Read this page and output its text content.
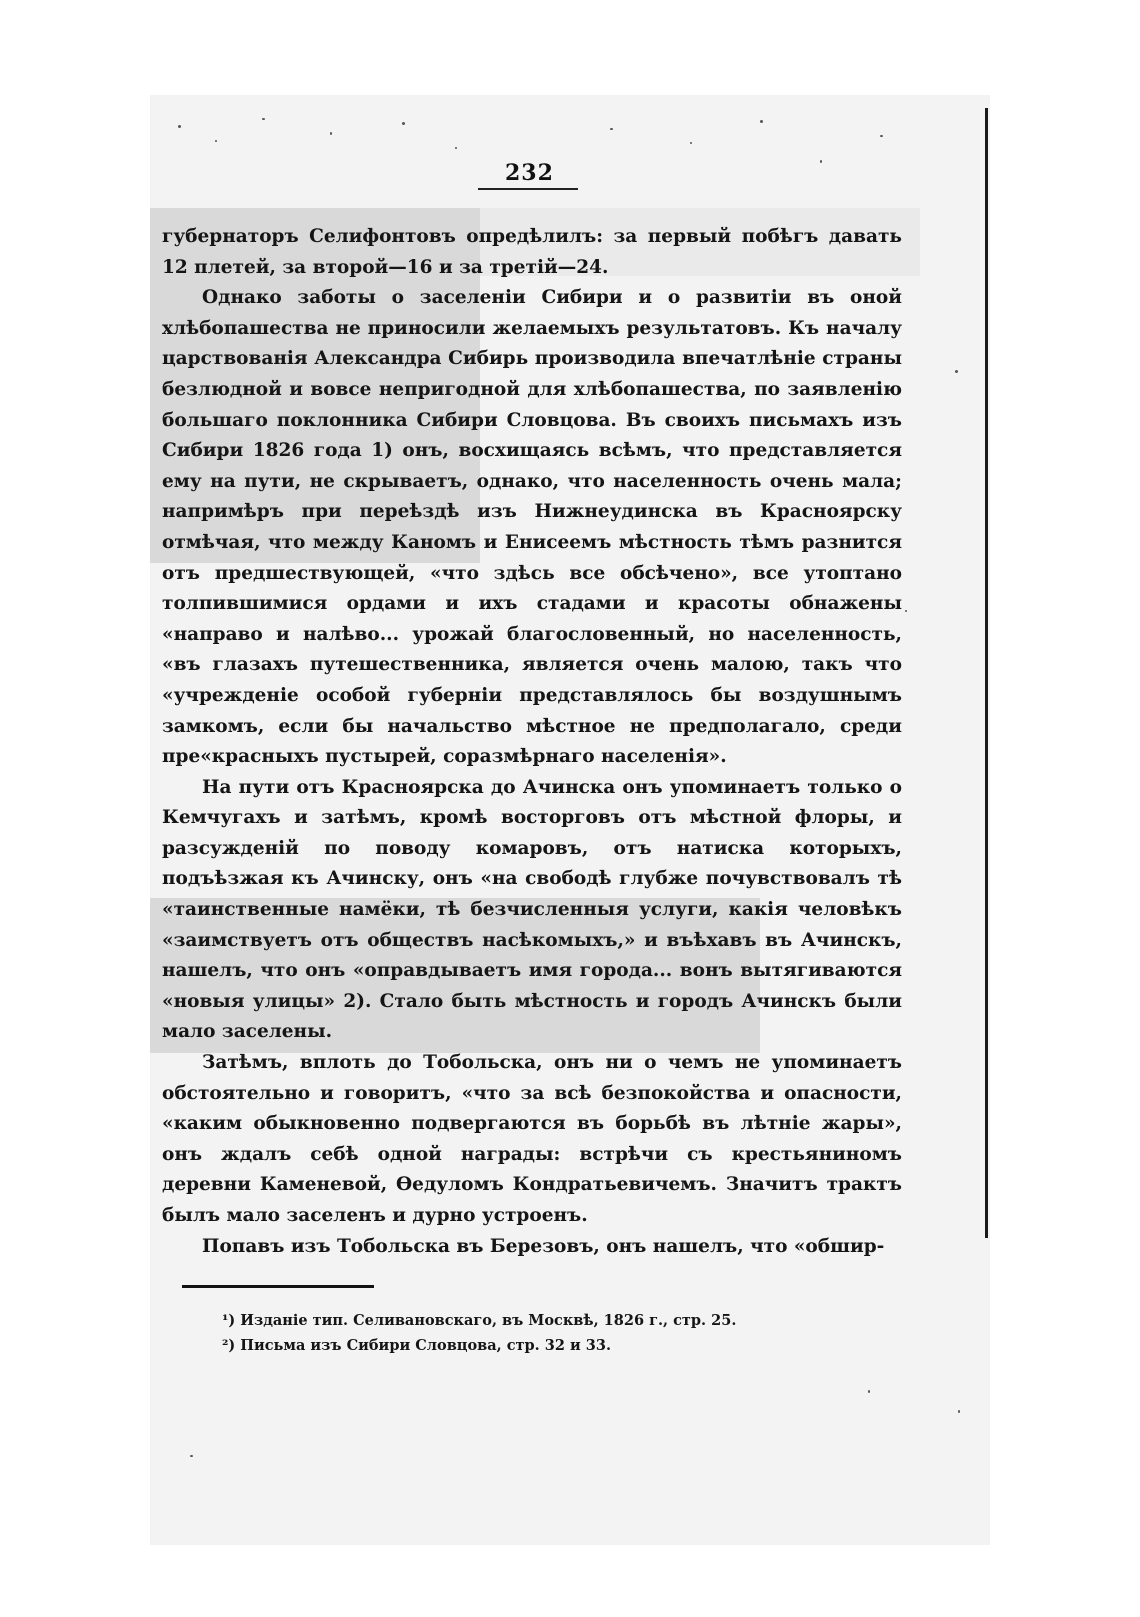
232

губернаторъ Селифонтовъ опредѣлилъ: за первый побѣгъ давать 12 плетей, за второй—16 и за третій—24.

Однако заботы о заселеніи Сибири и о развитіи въ оной хлѣбопашества не приносили желаемыхъ результатовъ. Къ началу царствованія Александра Сибирь производила впечатлѣніе страны безлюдной и вовсе непригодной для хлѣбопашества, по заявленію большаго поклонника Сибири Словцова. Въ своихъ письмахъ изъ Сибири 1826 года 1) онъ, восхищаясь всѣмъ, что представляется ему на пути, не скрываетъ, однако, что населенность очень мала; напримѣръ при переѣздѣ изъ Нижнеудинска въ Красноярску отмѣчая, что между Каномъ и Енисеемъ мѣстность тѣмъ разнится отъ предшествующей, «что здѣсь все обсѣчено», все утоптано толпившимися ордами и ихъ стадами и красоты обнажены «направо и налѣво... урожай благословенный, но населенность, «въ глазахъ путешественника, является очень малою, такъ что «учрежденіе особой губерніи представлялось бы воздушнымъ замкомъ, если бы начальство мѣстное не предполагало, среди пре«красныхъ пустырей, соразмѣрнаго населенія».

На пути отъ Красноярска до Ачинска онъ упоминаетъ только о Кемчугахъ и затѣмъ, кромѣ восторговъ отъ мѣстной флоры, и разсужденій по поводу комаровъ, отъ натиска которыхъ, подъѣзжая къ Ачинску, онъ «на свободѣ глубже почувствовалъ тѣ «таинственные намёки, тѣ безчисленныя услуги, какія человѣкъ «заимствуетъ отъ обществъ насѣкомыхъ,» и въѣхавъ въ Ачинскъ, нашелъ, что онъ «оправдываетъ имя города... вонъ вытягиваются «новыя улицы» 2). Стало быть мѣстность и городъ Ачинскъ были мало заселены.

Затѣмъ, вплоть до Тобольска, онъ ни о чемъ не упоминаетъ обстоятельно и говоритъ, «что за всѣ безпокойства и опасности, «каким обыкновенно подвергаются въ борьбѣ въ лѣтніе жары», онъ ждалъ себѣ одной награды: встрѣчи съ крестьяниномъ деревни Каменевой, Ѳедуломъ Кондратьевичемъ. Значитъ трактъ былъ мало заселенъ и дурно устроенъ.

Попавъ изъ Тобольска въ Березовъ, онъ нашелъ, что «обшир-

¹) Изданіе тип. Селивановскаго, въ Москвѣ, 1826 г., стр. 25.

²) Письма изъ Сибири Словцова, стр. 32 и 33.
